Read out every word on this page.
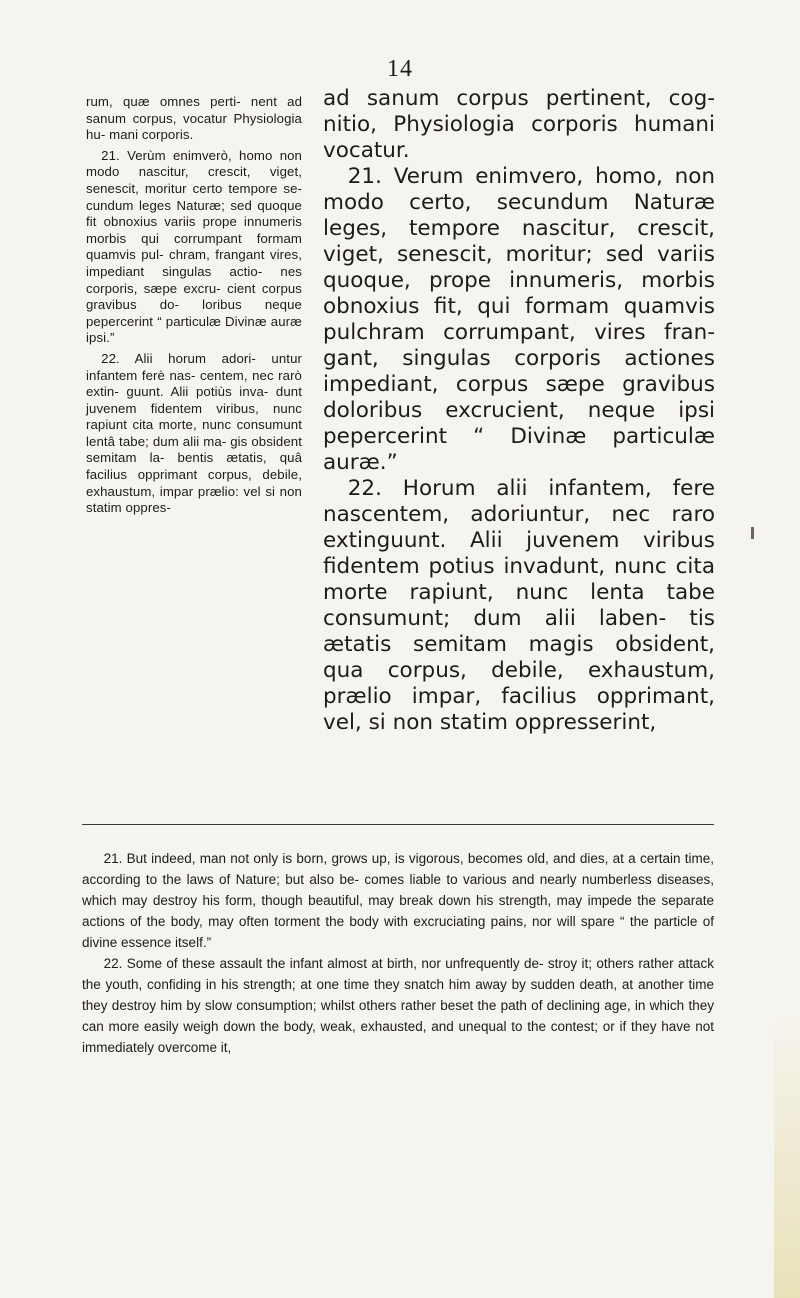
14

rum, quæ omnes perti- nent ad sanum corpus, vocatur Physiologia hu- mani corporis.

21. Verùm enimverò, homo non modo nascitur, crescit, viget, senescit, moritur certo tempore se- cundum leges Naturæ; sed quoque fit obnoxius variis prope innumeris morbis qui corrumpant formam quamvis pul- chram, frangant vires, impediant singulas actio- nes corporis, sæpe excru- cient corpus gravibus do- loribus neque pepercerint “ particulæ Divinæ auræ ipsi.”

22. Alii horum adori- untur infantem ferè nas- centem, nec rarò extin- guunt. Alii potiùs inva- dunt juvenem fidentem viribus, nunc rapiunt cita morte, nunc consumunt lentâ tabe; dum alii ma- gis obsident semitam la- bentis ætatis, quâ facilius opprimant corpus, debile, exhaustum, impar prælio: vel si non statim oppres-

ad sanum corpus pertinent, cog- nitio, Physiologia corporis humani vocatur.

21. Verum enimvero, homo, non modo certo, secundum Naturæ leges, tempore nascitur, crescit, viget, senescit, moritur; sed variis quoque, prope innumeris, morbis obnoxius fit, qui formam quamvis pulchram corrumpant, vires fran- gant, singulas corporis actiones impediant, corpus sæpe gravibus doloribus excrucient, neque ipsi pepercerint “ Divinæ particulæ auræ.”

22. Horum alii infantem, fere nascentem, adoriuntur, nec raro extinguunt. Alii juvenem viribus fidentem potius invadunt, nunc cita morte rapiunt, nunc lenta tabe consumunt; dum alii laben- tis ætatis semitam magis obsident, qua corpus, debile, exhaustum, prælio impar, facilius opprimant, vel, si non statim oppresserint,

21. But indeed, man not only is born, grows up, is vigorous, becomes old, and dies, at a certain time, according to the laws of Nature; but also be- comes liable to various and nearly numberless diseases, which may destroy his form, though beautiful, may break down his strength, may impede the separate actions of the body, may often torment the body with excruciating pains, nor will spare “ the particle of divine essence itself.”

22. Some of these assault the infant almost at birth, nor unfrequently de- stroy it; others rather attack the youth, confiding in his strength; at one time they snatch him away by sudden death, at another time they destroy him by slow consumption; whilst others rather beset the path of declining age, in which they can more easily weigh down the body, weak, exhausted, and unequal to the contest; or if they have not immediately overcome it,
